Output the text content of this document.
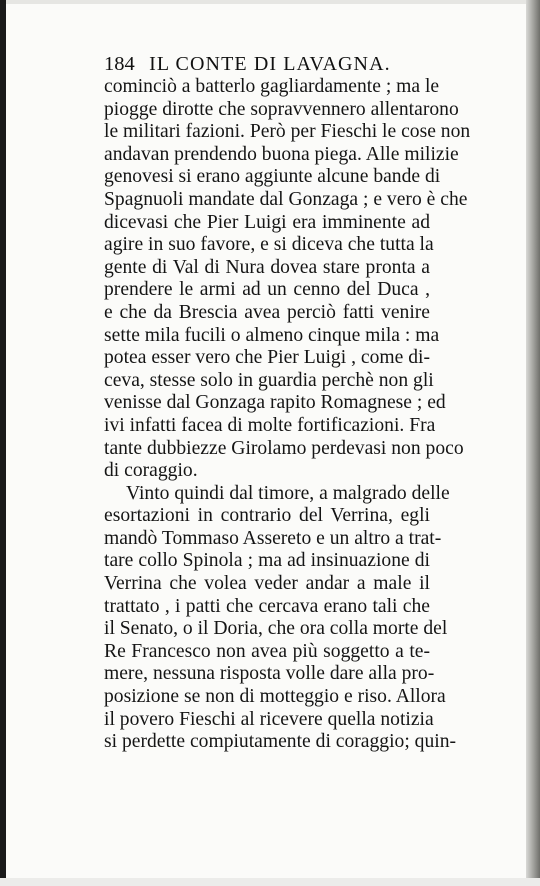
184 IL CONTE DI LAVAGNA.
cominciò a batterlo gagliardamente ; ma le
piogge dirotte che sopravvennero allentarono
le militari fazioni. Però per Fieschi le cose non
andavan prendendo buona piega. Alle milizie
genovesi si erano aggiunte alcune bande di
Spagnuoli mandate dal Gonzaga ; e vero è che
dicevasi che Pier Luigi era imminente ad
agire in suo favore, e si diceva che tutta la
gente di Val di Nura dovea stare pronta a
prendere le armi ad un cenno del Duca ,
e che da Brescia avea perciò fatti venire
sette mila fucili o almeno cinque mila : ma
potea esser vero che Pier Luigi , come di-
ceva, stesse solo in guardia perchè non gli
venisse dal Gonzaga rapito Romagnese ; ed
ivi infatti facea di molte fortificazioni. Fra
tante dubbiezze Girolamo perdevasi non poco
di coraggio.
Vinto quindi dal timore, a malgrado delle
esortazioni in contrario del Verrina, egli
mandò Tommaso Assereto e un altro a trat-
tare collo Spinola ; ma ad insinuazione di
Verrina che volea veder andar a male il
trattato , i patti che cercava erano tali che
il Senato, o il Doria, che ora colla morte del
Re Francesco non avea più soggetto a te-
mere, nessuna risposta volle dare alla pro-
posizione se non di motteggio e riso. Allora
il povero Fieschi al ricevere quella notizia
si perdette compiutamente di coraggio; quin-
